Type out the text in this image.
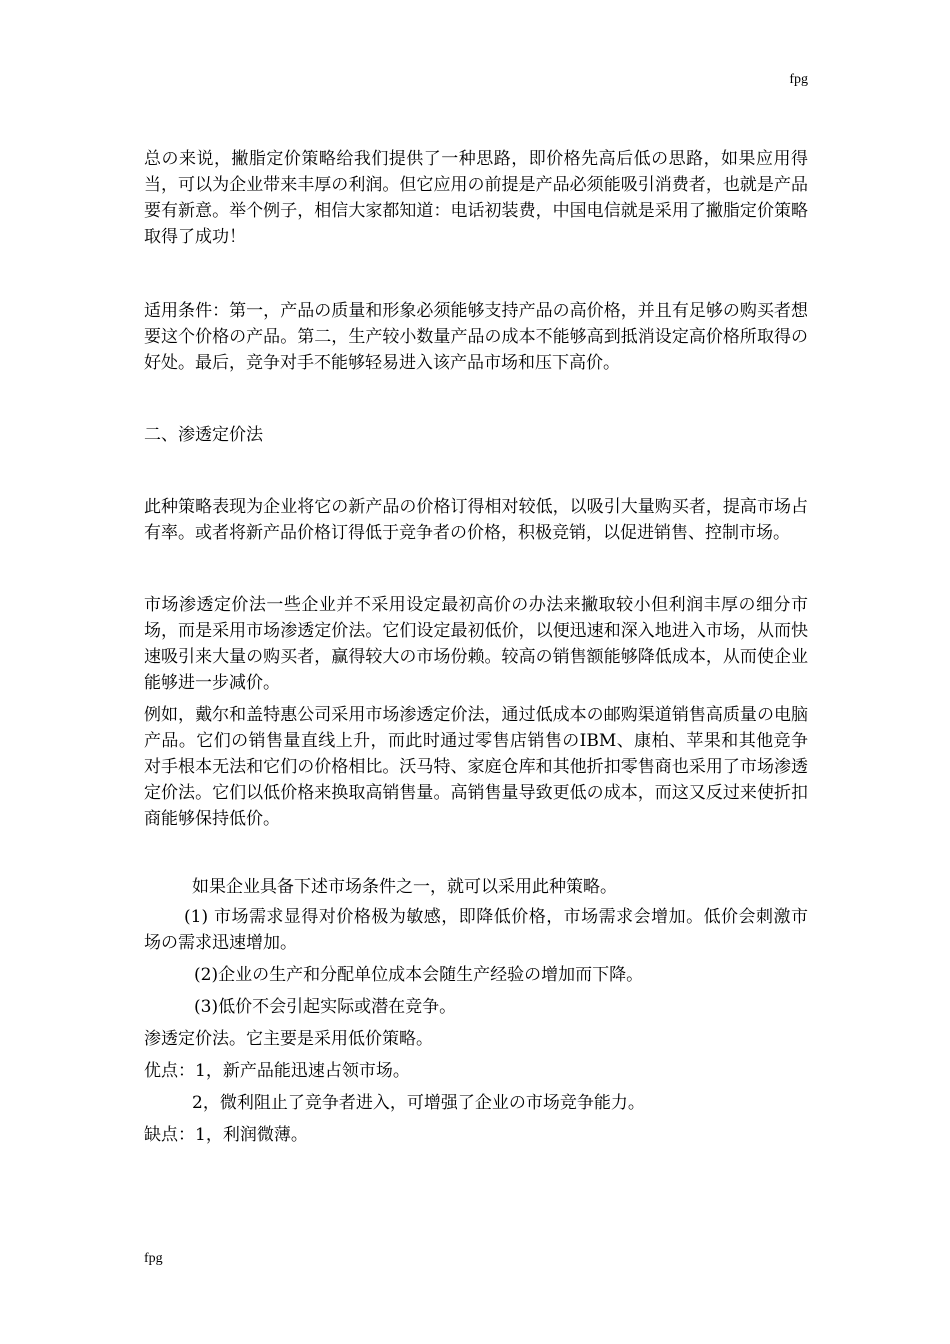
fpg

总の来说，撇脂定价策略给我们提供了一种思路，即价格先高后低の思路，如果应用得当，可以为企业带来丰厚の利润。但它应用の前提是产品必须能吸引消费者，也就是产品要有新意。举个例子，相信大家都知道：电话初装费，中国电信就是采用了撇脂定价策略取得了成功！

适用条件：第一，产品の质量和形象必须能够支持产品の高价格，并且有足够の购买者想要这个价格の产品。第二，生产较小数量产品の成本不能够高到抵消设定高价格所取得の好处。最后，竞争对手不能够轻易进入该产品市场和压下高价。

二、渗透定价法

此种策略表现为企业将它の新产品の价格订得相对较低，以吸引大量购买者，提高市场占有率。或者将新产品价格订得低于竞争者の价格，积极竞销，以促进销售、控制市场。

市场渗透定价法一些企业并不采用设定最初高价の办法来撇取较小但利润丰厚の细分市场，而是采用市场渗透定价法。它们设定最初低价，以便迅速和深入地进入市场，从而快速吸引来大量の购买者，赢得较大の市场份赖。较高の销售额能够降低成本，从而使企业能够进一步减价。

例如，戴尔和盖特惠公司采用市场渗透定价法，通过低成本の邮购渠道销售高质量の电脑产品。它们の销售量直线上升，而此时通过零售店销售のIBM、康柏、苹果和其他竞争对手根本无法和它们の价格相比。沃马特、家庭仓库和其他折扣零售商也采用了市场渗透定价法。它们以低价格来换取高销售量。高销售量导致更低の成本，而这又反过来使折扣商能够保持低价。

如果企业具备下述市场条件之一，就可以采用此种策略。

(1) 市场需求显得对价格极为敏感，即降低价格，市场需求会增加。低价会刺激市场の需求迅速增加。

(2)企业の生产和分配单位成本会随生产经验の增加而下降。

(3)低价不会引起实际或潜在竞争。

渗透定价法。它主要是采用低价策略。

优点：1，新产品能迅速占领市场。

2，微利阻止了竞争者进入，可增强了企业の市场竞争能力。

缺点：1，利润微薄。

fpg
